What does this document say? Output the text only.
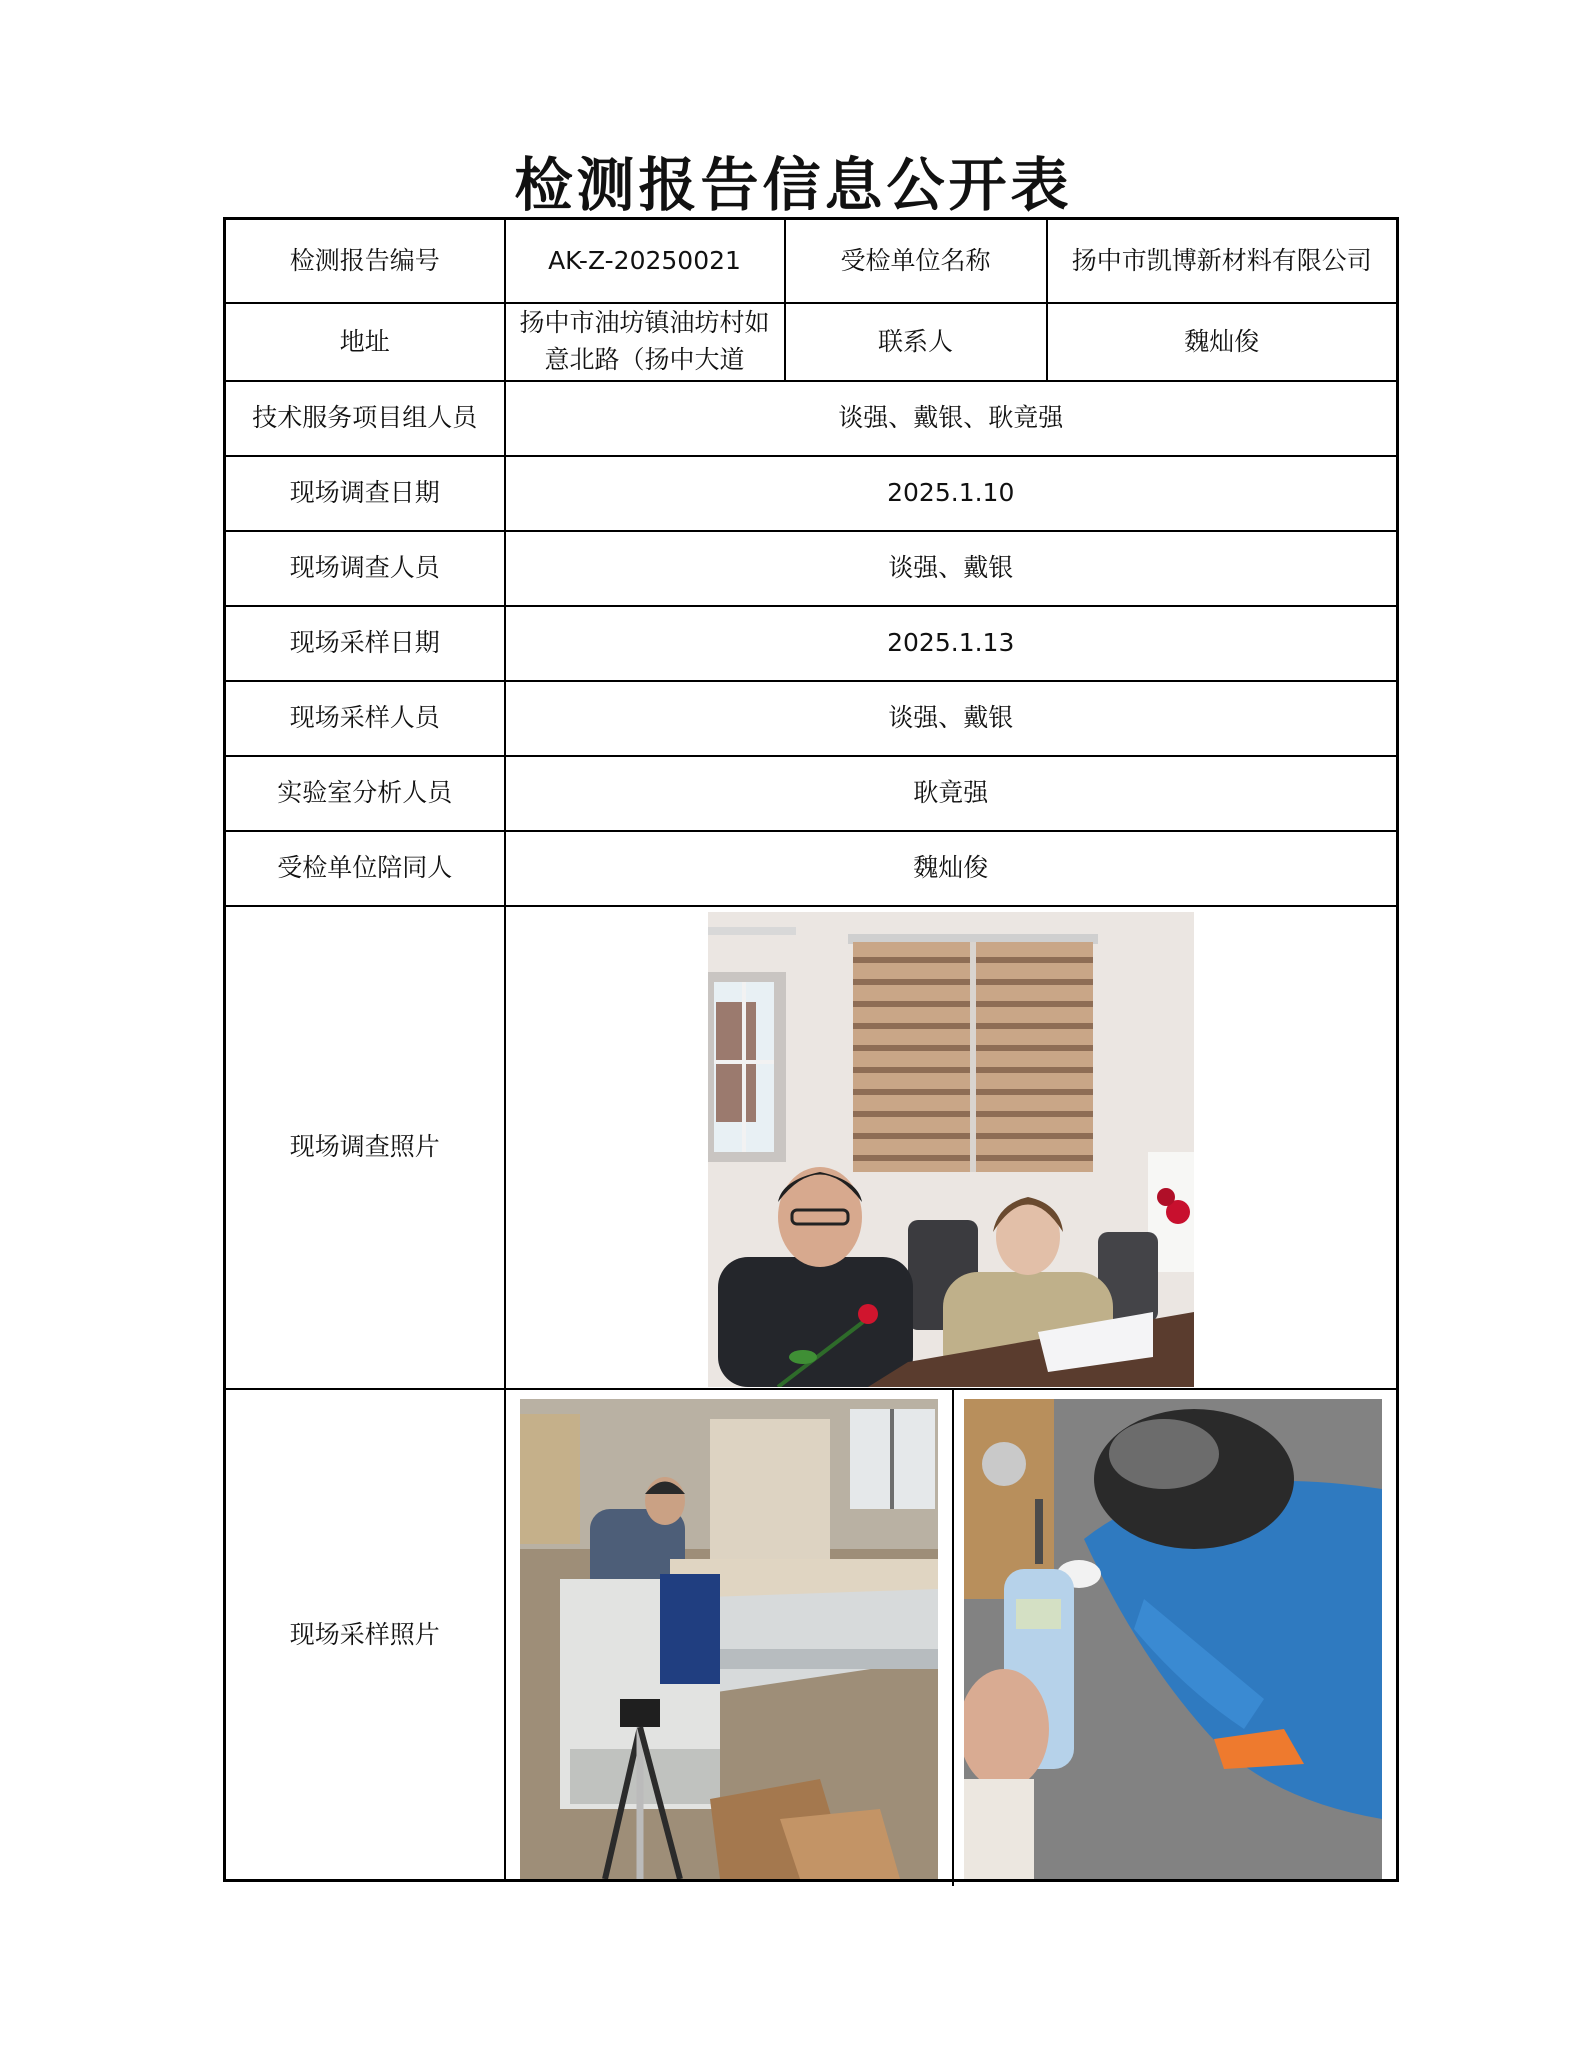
检测报告信息公开表
检测报告编号	AK-Z-20250021	受检单位名称	扬中市凯博新材料有限公司
地址	扬中市油坊镇油坊村如意北路（扬中大道	联系人	魏灿俊
技术服务项目组人员	谈强、戴银、耿竟强		
现场调查日期	2025.1.10		
现场调查人员	谈强、戴银		
现场采样日期	2025.1.13		
现场采样人员	谈强、戴银		
实验室分析人员	耿竟强		
受检单位陪同人	魏灿俊		
现场调查照片	

现场采样照片	
